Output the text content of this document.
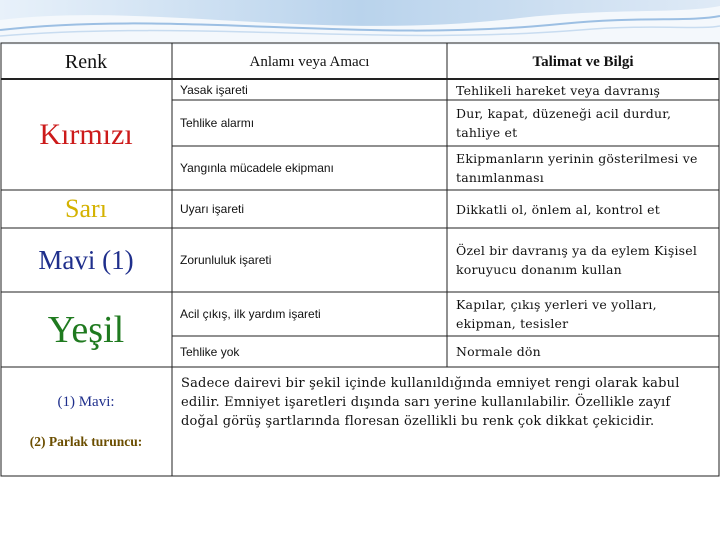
Renk	Anlamı veya Amacı	Talimat ve Bilgi
Kırmızı
Sarı
Mavi (1)
Yeşil
Yasak işareti
Tehlike alarmı
Yangınla mücadele ekipmanı
Uyarı işareti
Zorunluluk işareti
Acil çıkış, ilk yardım işareti
Tehlike yok
Tehlikeli hareket veya davranış
Dur, kapat, düzeneği acil durdur, tahliye et
Ekipmanların yerinin gösterilmesi ve tanımlanması
Dikkatli ol, önlem al, kontrol et
Özel bir davranış ya da eylem Kişisel koruyucu donanım kullan
Kapılar, çıkış yerleri ve yolları, ekipman, tesisler
Normale dön
(1) Mavi:
(2) Parlak turuncu:
Sadece dairevi bir şekil içinde kullanıldığında emniyet rengi olarak kabul edilir. Emniyet işaretleri dışında sarı yerine kullanılabilir. Özellikle zayıf doğal görüş şartlarında floresan özellikli bu renk çok dikkat çekicidir.
